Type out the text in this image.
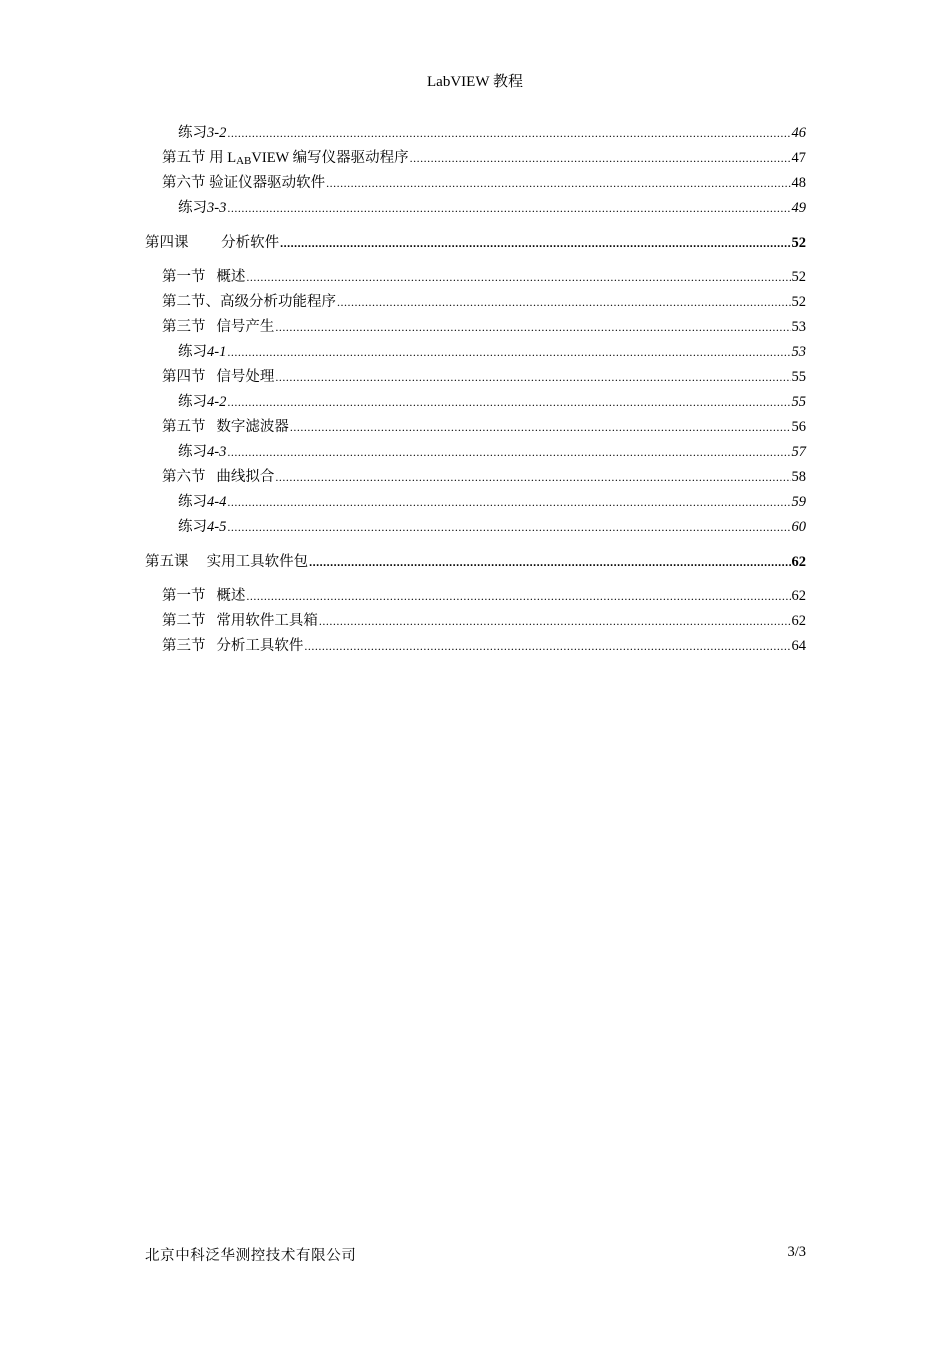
LabVIEW 教程
练习3-2 .....	46
第五节 用 LABVIEW 编写仪器驱动程序 .....	47
第六节 验证仪器驱动软件 .....	48
练习3-3 .....	49
第四课         分析软件 .....	52
第一节   概述 .....	52
第二节、高级分析功能程序 .....	52
第三节   信号产生 .....	53
练习4-1 .....	53
第四节   信号处理 .....	55
练习4-2 .....	55
第五节   数字滤波器 .....	56
练习4-3 .....	57
第六节   曲线拟合 .....	58
练习4-4 .....	59
练习4-5 .....	60
第五课     实用工具软件包 .....	62
第一节   概述 .....	62
第二节   常用软件工具箱 .....	62
第三节   分析工具软件 .....	64
北京中科泛华测控技术有限公司	3/3
